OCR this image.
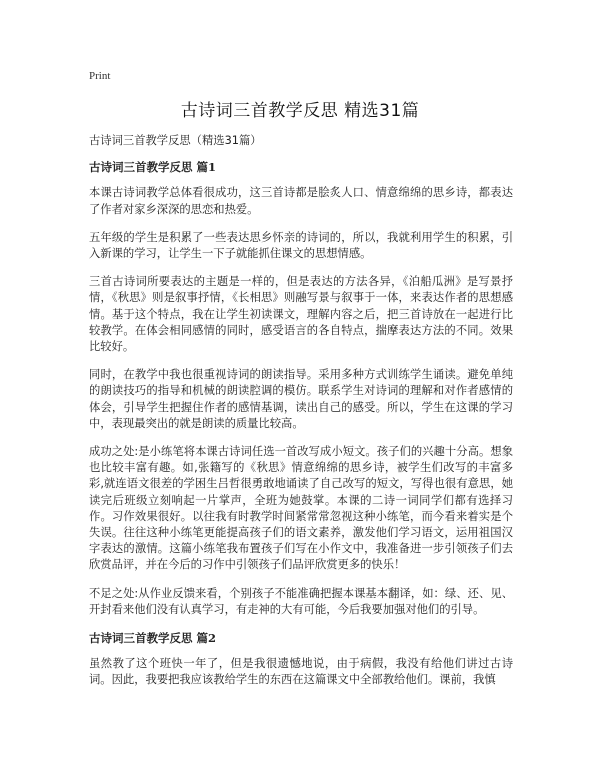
Print
古诗词三首教学反思 精选31篇
古诗词三首教学反思（精选31篇）
古诗词三首教学反思 篇1
本课古诗词教学总体看很成功，这三首诗都是脍炙人口、情意绵绵的思乡诗，都表达了作者对家乡深深的思恋和热爱。
五年级的学生是积累了一些表达思乡怀亲的诗词的，所以，我就利用学生的积累，引入新课的学习，让学生一下子就能抓住课文的思想情感。
三首古诗词所要表达的主题是一样的，但是表达的方法各异，《泊船瓜洲》是写景抒情，《秋思》则是叙事抒情，《长相思》则融写景与叙事于一体，来表达作者的思想感情。基于这个特点，我在让学生初读课文，理解内容之后，把三首诗放在一起进行比较教学。在体会相同感情的同时，感受语言的各自特点，揣摩表达方法的不同。效果比较好。
同时，在教学中我也很重视诗词的朗读指导。采用多种方式训练学生诵读。避免单纯的朗读技巧的指导和机械的朗读腔调的模仿。联系学生对诗词的理解和对作者感情的体会，引导学生把握住作者的感情基调，读出自己的感受。所以，学生在这课的学习中，表现最突出的就是朗读的质量比较高。
成功之处:是小练笔将本课古诗词任选一首改写成小短文。孩子们的兴趣十分高。想象也比较丰富有趣。如,张籍写的《秋思》情意绵绵的思乡诗，被学生们改写的丰富多彩,就连语文很差的学困生吕哲很勇敢地诵读了自己改写的短文，写得也很有意思，她读完后班级立刻响起一片掌声，全班为她鼓掌。本课的二诗一词同学们都有选择习作。习作效果很好。以往我有时教学时间紧常常忽视这种小练笔，而今看来着实是个失误。往往这种小练笔更能提高孩子们的语文素养，激发他们学习语文，运用祖国汉字表达的激情。这篇小练笔我布置孩子们写在小作文中，我准备进一步引领孩子们去欣赏品评，并在今后的习作中引领孩子们品评欣赏更多的快乐！
不足之处:从作业反馈来看，个别孩子不能准确把握本课基本翻译，如：绿、还、见、开封看来他们没有认真学习，有走神的大有可能，今后我要加强对他们的引导。
古诗词三首教学反思 篇2
虽然教了这个班快一年了，但是我很遗憾地说，由于病假，我没有给他们讲过古诗词。因此，我要把我应该教给学生的东西在这篇课文中全部教给他们。课前，我慎
